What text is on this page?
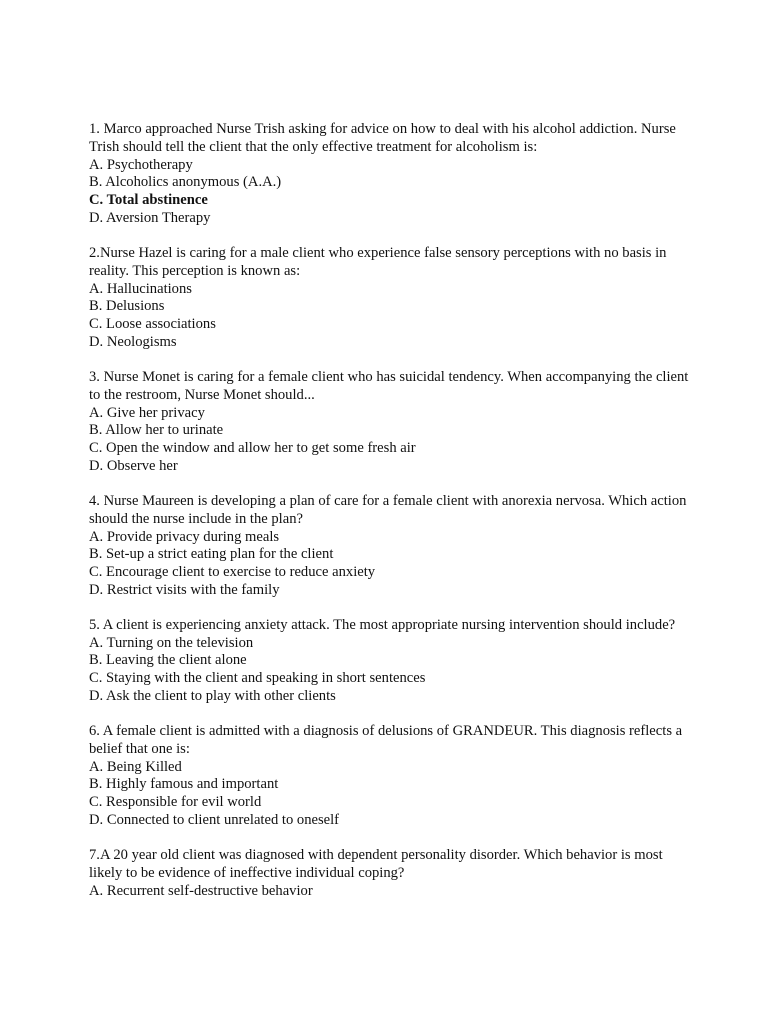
1. Marco approached Nurse Trish asking for advice on how to deal with his alcohol addiction. Nurse Trish should tell the client that the only effective treatment for alcoholism is:
A. Psychotherapy
B. Alcoholics anonymous (A.A.)
C. Total abstinence
D. Aversion Therapy
2.Nurse Hazel is caring for a male client who experience false sensory perceptions with no basis in reality. This perception is known as:
A. Hallucinations
B. Delusions
C. Loose associations
D. Neologisms
3. Nurse Monet is caring for a female client who has suicidal tendency. When accompanying the client to the restroom, Nurse Monet should...
A. Give her privacy
B. Allow her to urinate
C. Open the window and allow her to get some fresh air
D. Observe her
4. Nurse Maureen is developing a plan of care for a female client with anorexia nervosa. Which action should the nurse include in the plan?
A. Provide privacy during meals
B. Set-up a strict eating plan for the client
C. Encourage client to exercise to reduce anxiety
D. Restrict visits with the family
5. A client is experiencing anxiety attack. The most appropriate nursing intervention should include?
A. Turning on the television
B. Leaving the client alone
C. Staying with the client and speaking in short sentences
D. Ask the client to play with other clients
6. A female client is admitted with a diagnosis of delusions of GRANDEUR. This diagnosis reflects a belief that one is:
A. Being Killed
B. Highly famous and important
C. Responsible for evil world
D. Connected to client unrelated to oneself
7.A 20 year old client was diagnosed with dependent personality disorder. Which behavior is most likely to be evidence of ineffective individual coping?
A. Recurrent self-destructive behavior
